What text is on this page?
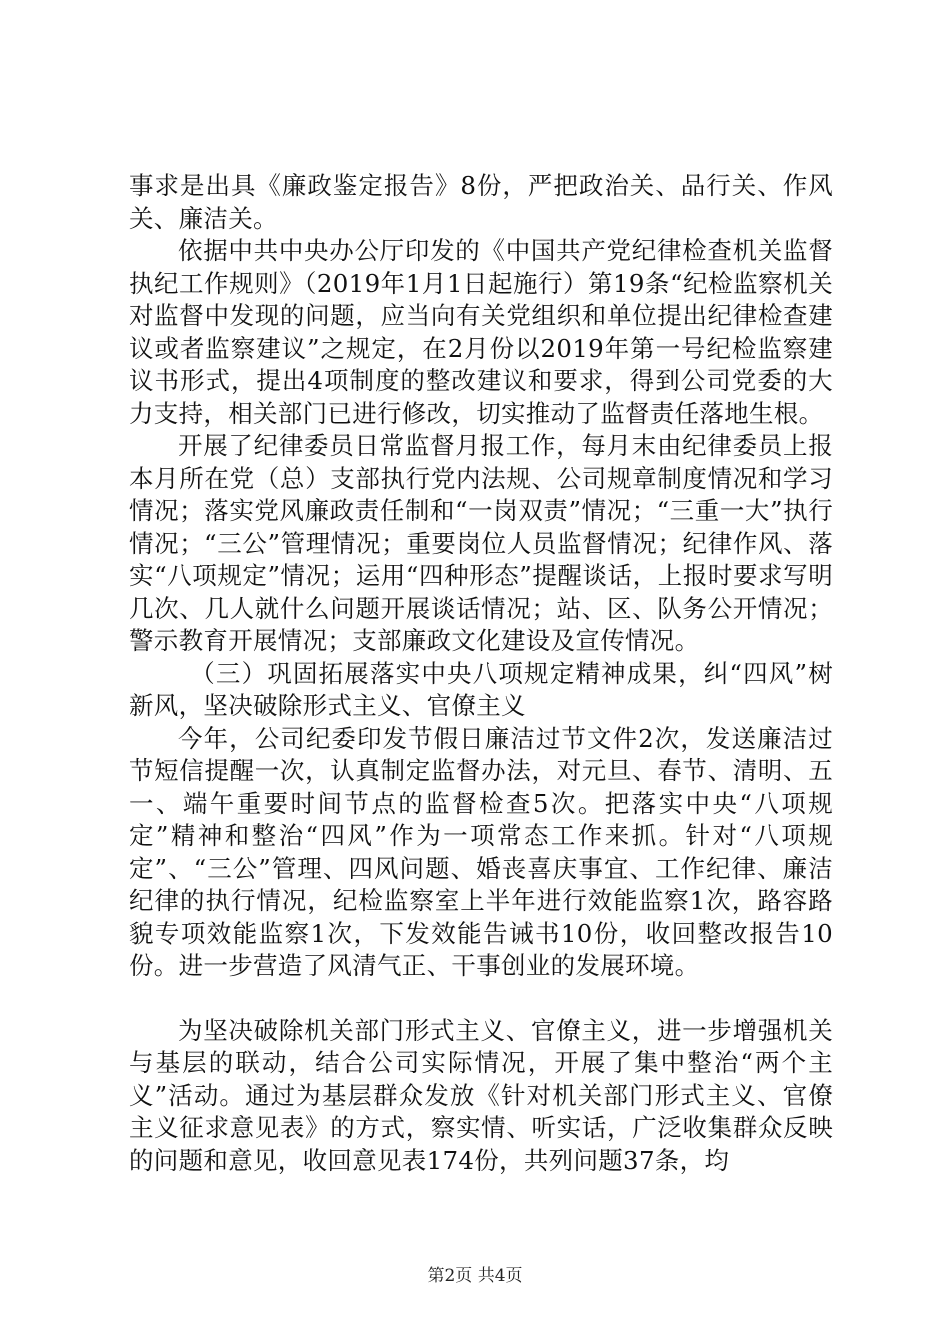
事求是出具《廉政鉴定报告》8份，严把政治关、品行关、作风关、廉洁关。

依据中共中央办公厅印发的《中国共产党纪律检查机关监督执纪工作规则》（2019年1月1日起施行）第19条“纪检监察机关对监督中发现的问题，应当向有关党组织和单位提出纪律检查建议或者监察建议”之规定，在2月份以2019年第一号纪检监察建议书形式，提出4项制度的整改建议和要求，得到公司党委的大力支持，相关部门已进行修改，切实推动了监督责任落地生根。

开展了纪律委员日常监督月报工作，每月末由纪律委员上报本月所在党（总）支部执行党内法规、公司规章制度情况和学习情况；落实党风廉政责任制和“一岗双责”情况；“三重一大”执行情况；“三公”管理情况；重要岗位人员监督情况；纪律作风、落实“八项规定”情况；运用“四种形态”提醒谈话，上报时要求写明几次、几人就什么问题开展谈话情况；站、区、队务公开情况；警示教育开展情况；支部廉政文化建设及宣传情况。

（三）巩固拓展落实中央八项规定精神成果，纠“四风”树新风，坚决破除形式主义、官僚主义

今年，公司纪委印发节假日廉洁过节文件2次，发送廉洁过节短信提醒一次，认真制定监督办法，对元旦、春节、清明、五一、端午重要时间节点的监督检查5次。把落实中央“八项规定”精神和整治“四风”作为一项常态工作来抓。针对“八项规定”、“三公”管理、四风问题、婚丧喜庆事宜、工作纪律、廉洁纪律的执行情况，纪检监察室上半年进行效能监察1次，路容路貌专项效能监察1次，下发效能告诫书10份，收回整改报告10份。进一步营造了风清气正、干事创业的发展环境。

为坚决破除机关部门形式主义、官僚主义，进一步增强机关与基层的联动，结合公司实际情况，开展了集中整治“两个主义”活动。通过为基层群众发放《针对机关部门形式主义、官僚主义征求意见表》的方式，察实情、听实话，广泛收集群众反映的问题和意见，收回意见表174份，共列问题37条，均

第2页 共4页
